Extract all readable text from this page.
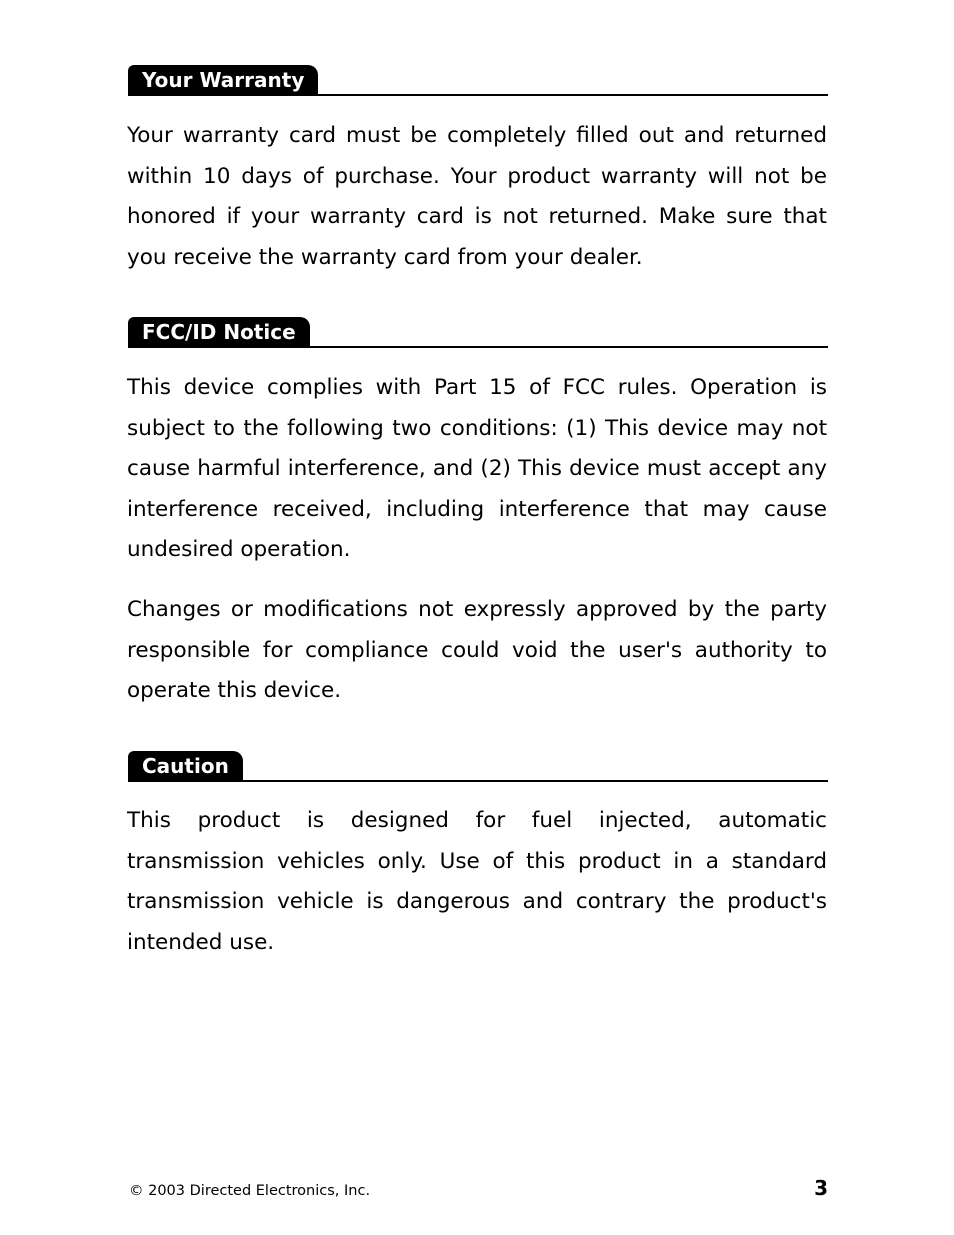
Your Warranty

Your warranty card must be completely filled out and returned within 10 days of purchase. Your product warranty will not be honored if your warranty card is not returned. Make sure that you receive the warranty card from your dealer.

FCC/ID Notice

This device complies with Part 15 of FCC rules. Operation is subject to the following two conditions: (1) This device may not cause harmful interference, and (2) This device must accept any interference received, including interference that may cause undesired operation.

Changes or modifications not expressly approved by the party responsible for compliance could void the user's authority to operate this device.

Caution

This product is designed for fuel injected, automatic transmission vehicles only. Use of this product in a standard transmission vehicle is dangerous and contrary the product's intended use.

© 2003 Directed Electronics, Inc.	3
